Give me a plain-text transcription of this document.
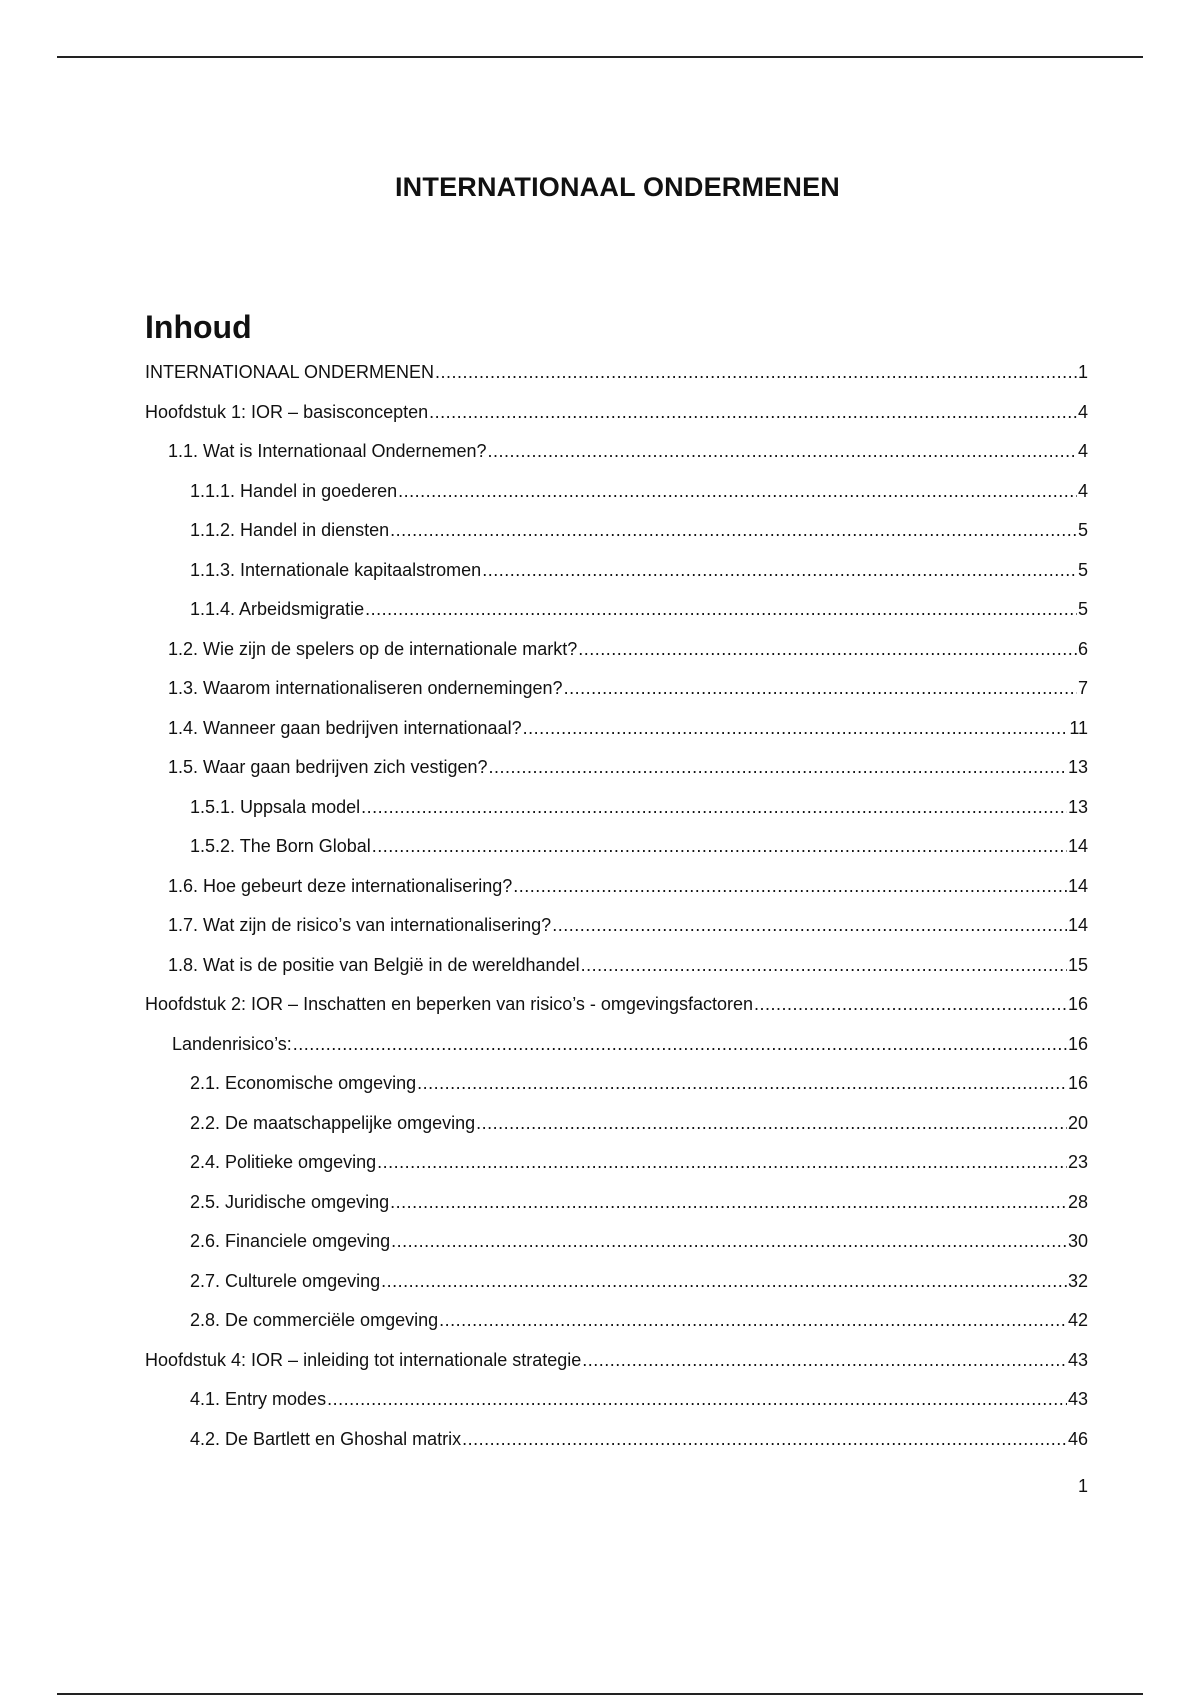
INTERNATIONAAL ONDERMENEN
Inhoud
INTERNATIONAAL ONDERMENEN .....	1
Hoofdstuk 1: IOR – basisconcepten .....	4
1.1. Wat is Internationaal Ondernemen? .....	4
1.1.1. Handel in goederen .....	4
1.1.2. Handel in diensten .....	5
1.1.3. Internationale kapitaalstromen .....	5
1.1.4. Arbeidsmigratie .....	5
1.2. Wie zijn de spelers op de internationale markt? .....	6
1.3. Waarom internationaliseren ondernemingen? .....	7
1.4. Wanneer gaan bedrijven internationaal? .....	11
1.5. Waar gaan bedrijven zich vestigen? .....	13
1.5.1. Uppsala model .....	13
1.5.2. The Born Global .....	14
1.6. Hoe gebeurt deze internationalisering? .....	14
1.7. Wat zijn de risico’s van internationalisering? .....	14
1.8. Wat is de positie van België in de wereldhandel .....	15
Hoofdstuk 2: IOR – Inschatten en beperken van risico’s - omgevingsfactoren .....	16
Landenrisico’s: .....	16
2.1. Economische omgeving .....	16
2.2. De maatschappelijke omgeving .....	20
2.4. Politieke omgeving .....	23
2.5. Juridische omgeving .....	28
2.6. Financiele omgeving .....	30
2.7. Culturele omgeving .....	32
2.8. De commerciële omgeving .....	42
Hoofdstuk 4: IOR – inleiding tot internationale strategie .....	43
4.1. Entry modes .....	43
4.2. De Bartlett en Ghoshal matrix .....	46
1
